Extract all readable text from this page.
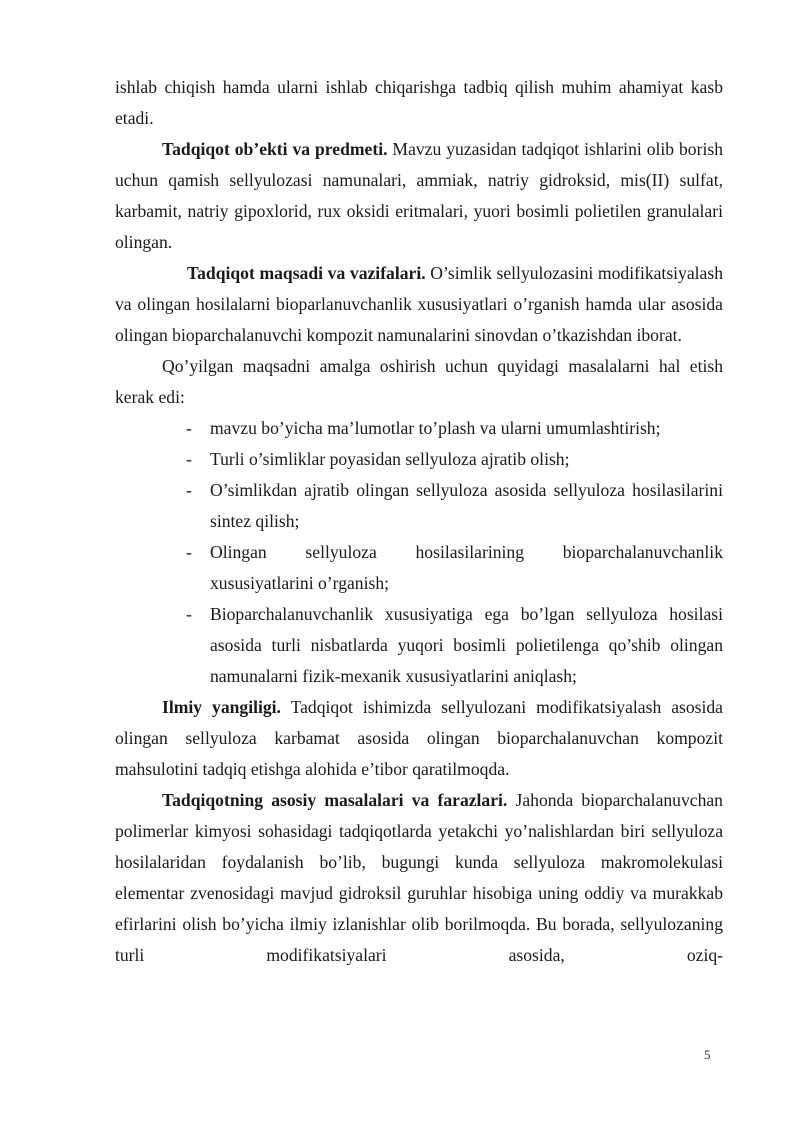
ishlab chiqish hamda ularni ishlab chiqarishga tadbiq qilish muhim ahamiyat kasb etadi.

Tadqiqot ob’ekti va predmeti. Mavzu yuzasidan tadqiqot ishlarini olib borish uchun qamish sellyulozasi namunalari, ammiak, natriy gidroksid, mis(II) sulfat, karbamit, natriy gipoxlorid, rux oksidi eritmalari, yuori bosimli polietilen granulalari olingan.

Tadqiqot maqsadi va vazifalari. O’simlik sellyulozasini modifikatsiyalash va olingan hosilalarni bioparlanuvchanlik xususiyatlari o’rganish hamda ular asosida olingan bioparchalanuvchi kompozit namunalarini sinovdan o’tkazishdan iborat.

Qo’yilgan maqsadni amalga oshirish uchun quyidagi masalalarni hal etish kerak edi:

- mavzu bo’yicha ma’lumotlar to’plash va ularni umumlashtirish;
- Turli o’simliklar poyasidan sellyuloza ajratib olish;
- O’simlikdan ajratib olingan sellyuloza asosida sellyuloza hosilasilarini sintez qilish;
- Olingan sellyuloza hosilasilarining bioparchalanuvchanlik xususiyatlarini o’rganish;
- Bioparchalanuvchanlik xususiyatiga ega bo’lgan sellyuloza hosilasi asosida turli nisbatlarda yuqori bosimli polietilenga qo’shib olingan namunalarni fizik-mexanik xususiyatlarini aniqlash;

Ilmiy yangiligi. Tadqiqot ishimizda sellyulozani modifikatsiyalash asosida olingan sellyuloza karbamat asosida olingan bioparchalanuvchan kompozit mahsulotini tadqiq etishga alohida e’tibor qaratilmoqda.

Tadqiqotning asosiy masalalari va farazlari. Jahonda bioparchalanuvchan polimerlar kimyosi sohasidagi tadqiqotlarda yetakchi yo’nalishlardan biri sellyuloza hosilalaridan foydalanish bo’lib, bugungi kunda sellyuloza makromolekulasi elementar zvenosidagi mavjud gidroksil guruhlar hisobiga uning oddiy va murakkab efirlarini olish bo’yicha ilmiy izlanishlar olib borilmoqda. Bu borada, sellyulozaning turli modifikatsiyalari asosida, oziq-

5
